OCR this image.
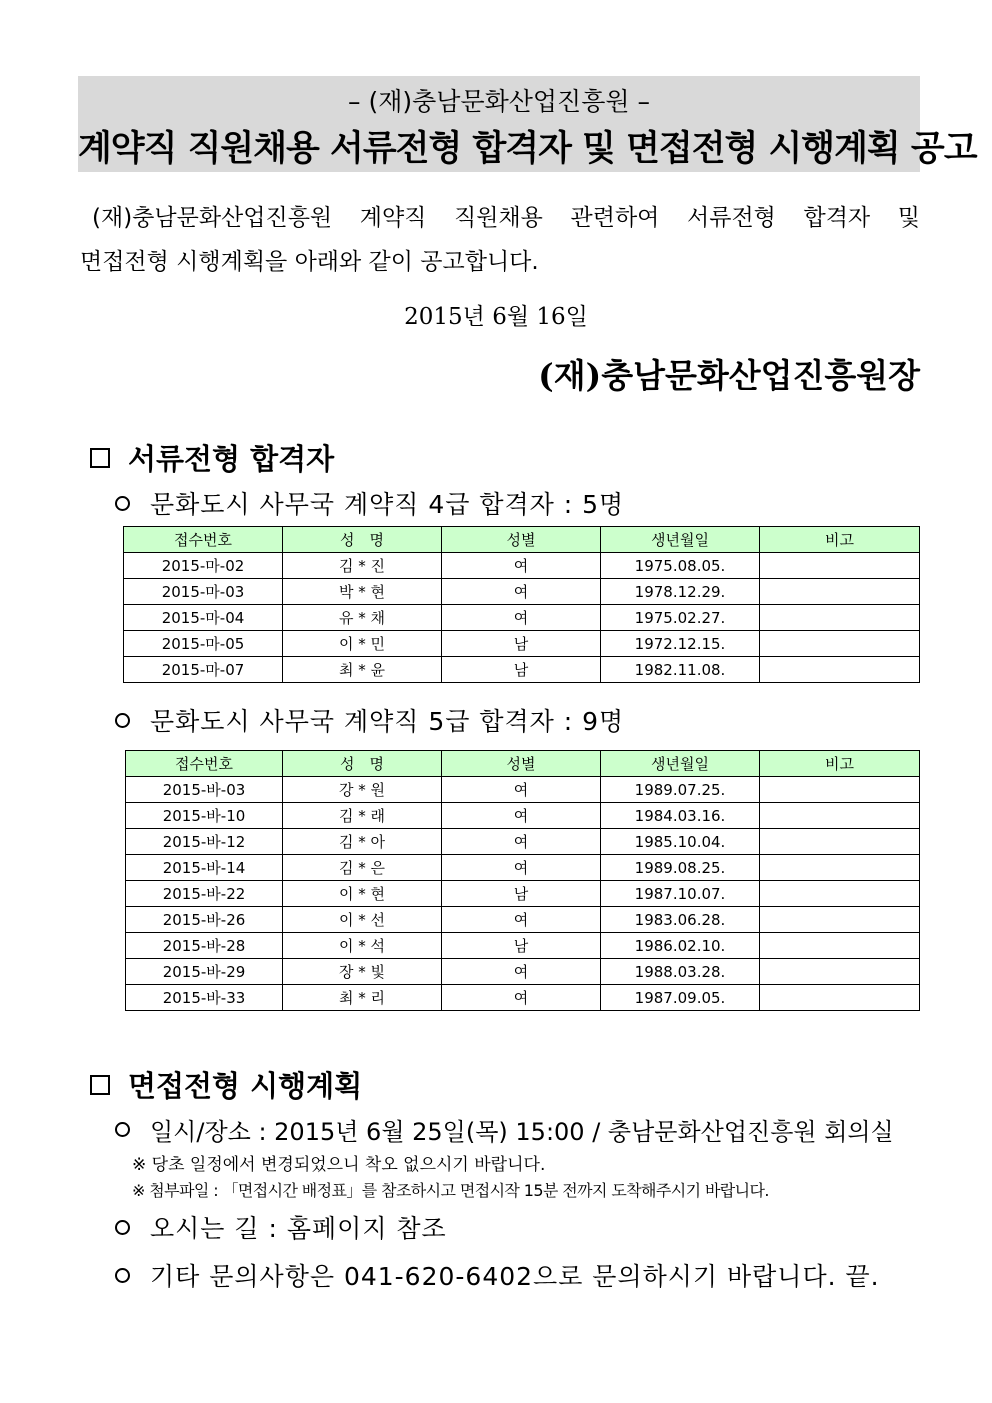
– (재)충남문화산업진흥원 –
계약직 직원채용 서류전형 합격자 및 면접전형 시행계획 공고

(재)충남문화산업진흥원 계약직 직원채용 관련하여 서류전형 합격자 및

면접전형 시행계획을 아래와 같이 공고합니다.

2015년 6월 16일
(재)충남문화산업진흥원장
서류전형 합격자
문화도시 사무국 계약직 4급 합격자 : 5명
접수번호	성　명	성별	생년월일	비고
2015-마-02	김 * 진	여	1975.08.05.	
2015-마-03	박 * 현	여	1978.12.29.	
2015-마-04	유 * 채	여	1975.02.27.	
2015-마-05	이 * 민	남	1972.12.15.	
2015-마-07	최 * 윤	남	1982.11.08.	
문화도시 사무국 계약직 5급 합격자 : 9명
접수번호	성　명	성별	생년월일	비고
2015-바-03	강 * 원	여	1989.07.25.	
2015-바-10	김 * 래	여	1984.03.16.	
2015-바-12	김 * 아	여	1985.10.04.	
2015-바-14	김 * 은	여	1989.08.25.	
2015-바-22	이 * 현	남	1987.10.07.	
2015-바-26	이 * 선	여	1983.06.28.	
2015-바-28	이 * 석	남	1986.02.10.	
2015-바-29	장 * 빛	여	1988.03.28.	
2015-바-33	최 * 리	여	1987.09.05.	
면접전형 시행계획
일시/장소 : 2015년 6월 25일(목) 15:00 / 충남문화산업진흥원 회의실
※ 당초 일정에서 변경되었으니 착오 없으시기 바랍니다.
※ 첨부파일 : 「면접시간 배정표」를 참조하시고 면접시작 15분 전까지 도착해주시기 바랍니다.
오시는 길 : 홈페이지 참조
기타 문의사항은 041-620-6402으로 문의하시기 바랍니다. 끝.
